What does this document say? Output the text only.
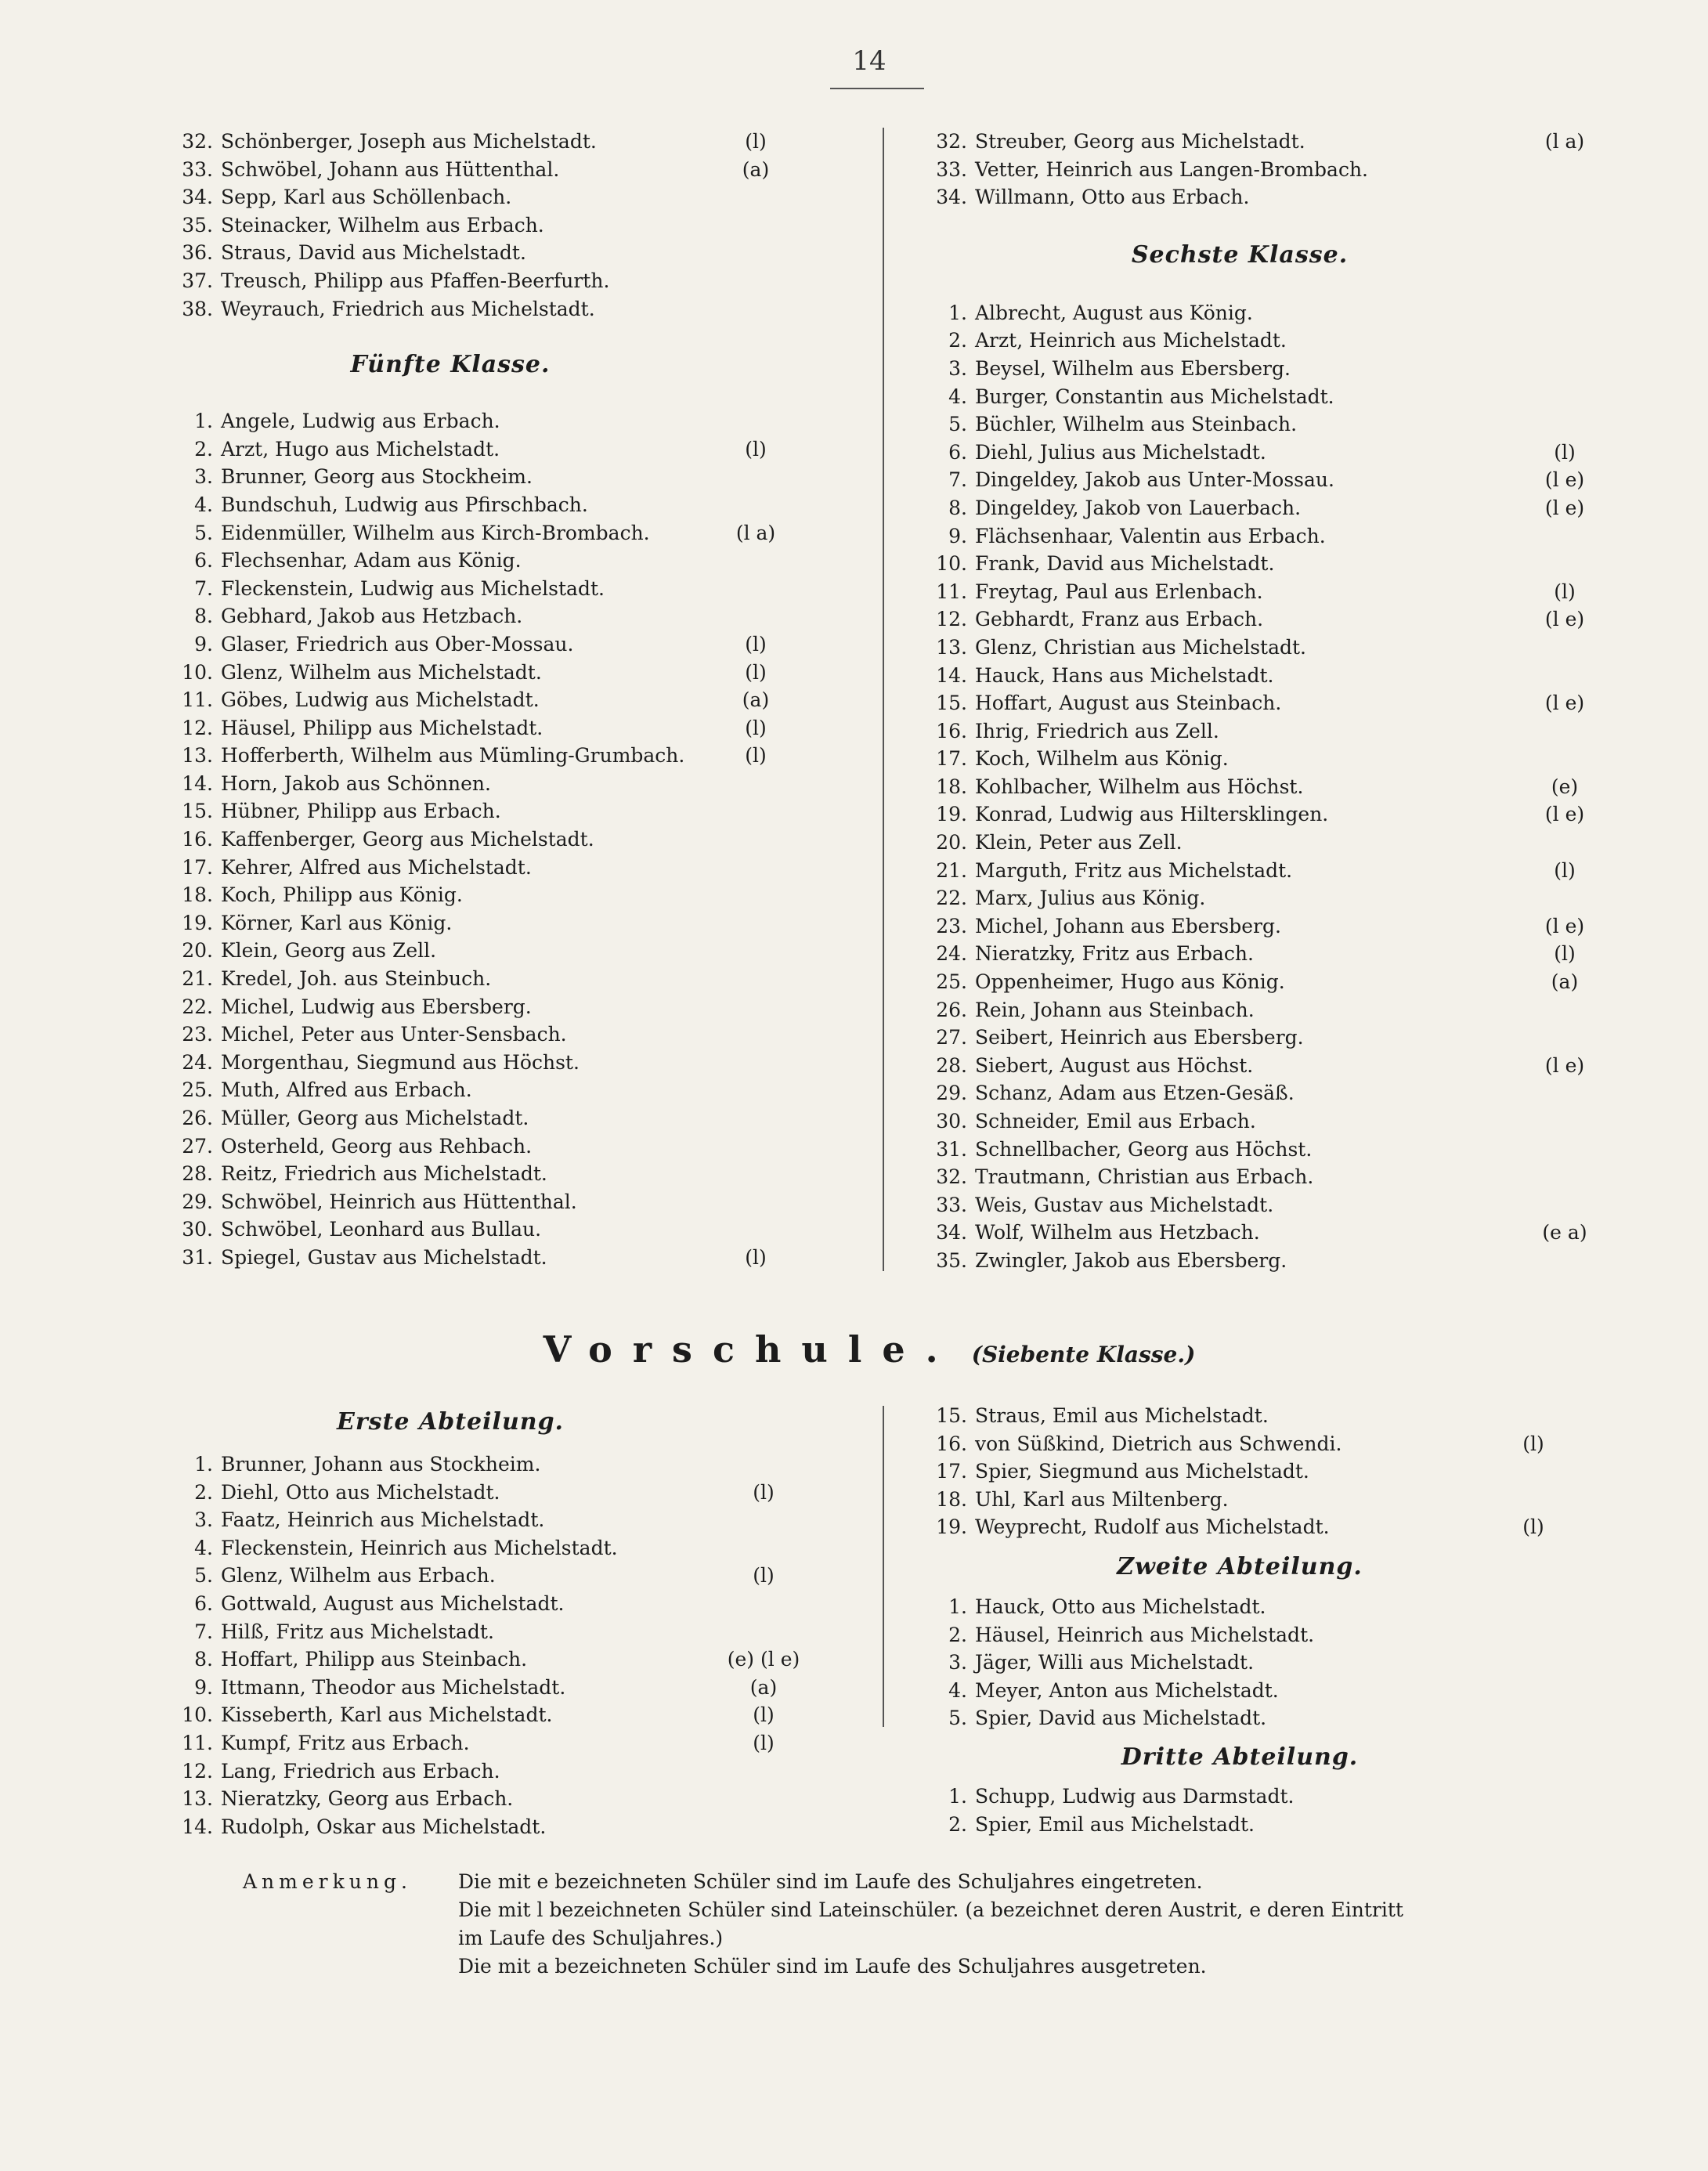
14
32. Schönberger, Joseph aus Michelstadt.	(l)
33. Schwöbel, Johann aus Hüttenthal.	(a)
34. Sepp, Karl aus Schöllenbach.
35. Steinacker, Wilhelm aus Erbach.
36. Straus, David aus Michelstadt.
37. Treusch, Philipp aus Pfaffen-Beerfurth.
38. Weyrauch, Friedrich aus Michelstadt.
Fünfte Klasse.
1. Angele, Ludwig aus Erbach.
2. Arzt, Hugo aus Michelstadt.	(l)
3. Brunner, Georg aus Stockheim.
4. Bundschuh, Ludwig aus Pfirschbach.
5. Eidenmüller, Wilhelm aus Kirch-Brombach.	(l a)
6. Flechsenhar, Adam aus König.
7. Fleckenstein, Ludwig aus Michelstadt.
8. Gebhard, Jakob aus Hetzbach.
9. Glaser, Friedrich aus Ober-Mossau.	(l)
10. Glenz, Wilhelm aus Michelstadt.	(l)
11. Göbes, Ludwig aus Michelstadt.	(a)
12. Häusel, Philipp aus Michelstadt.	(l)
13. Hofferberth, Wilhelm aus Mümling-Grumbach.	(l)
14. Horn, Jakob aus Schönnen.
15. Hübner, Philipp aus Erbach.
16. Kaffenberger, Georg aus Michelstadt.
17. Kehrer, Alfred aus Michelstadt.
18. Koch, Philipp aus König.
19. Körner, Karl aus König.
20. Klein, Georg aus Zell.
21. Kredel, Joh. aus Steinbuch.
22. Michel, Ludwig aus Ebersberg.
23. Michel, Peter aus Unter-Sensbach.
24. Morgenthau, Siegmund aus Höchst.
25. Muth, Alfred aus Erbach.
26. Müller, Georg aus Michelstadt.
27. Osterheld, Georg aus Rehbach.
28. Reitz, Friedrich aus Michelstadt.
29. Schwöbel, Heinrich aus Hüttenthal.
30. Schwöbel, Leonhard aus Bullau.
31. Spiegel, Gustav aus Michelstadt.	(l)
32. Streuber, Georg aus Michelstadt.	(l a)
33. Vetter, Heinrich aus Langen-Brombach.
34. Willmann, Otto aus Erbach.
Sechste Klasse.
1. Albrecht, August aus König.
2. Arzt, Heinrich aus Michelstadt.
3. Beysel, Wilhelm aus Ebersberg.
4. Burger, Constantin aus Michelstadt.
5. Büchler, Wilhelm aus Steinbach.
6. Diehl, Julius aus Michelstadt.	(l)
7. Dingeldey, Jakob aus Unter-Mossau.	(l e)
8. Dingeldey, Jakob von Lauerbach.	(l e)
9. Flächsenhaar, Valentin aus Erbach.
10. Frank, David aus Michelstadt.
11. Freytag, Paul aus Erlenbach.	(l)
12. Gebhardt, Franz aus Erbach.	(l e)
13. Glenz, Christian aus Michelstadt.
14. Hauck, Hans aus Michelstadt.
15. Hoffart, August aus Steinbach.	(l e)
16. Ihrig, Friedrich aus Zell.
17. Koch, Wilhelm aus König.
18. Kohlbacher, Wilhelm aus Höchst.	(e)
19. Konrad, Ludwig aus Hiltersklingen.	(l e)
20. Klein, Peter aus Zell.
21. Marguth, Fritz aus Michelstadt.	(l)
22. Marx, Julius aus König.
23. Michel, Johann aus Ebersberg.	(l e)
24. Nieratzky, Fritz aus Erbach.	(l)
25. Oppenheimer, Hugo aus König.	(a)
26. Rein, Johann aus Steinbach.
27. Seibert, Heinrich aus Ebersberg.
28. Siebert, August aus Höchst.	(l e)
29. Schanz, Adam aus Etzen-Gesäß.
30. Schneider, Emil aus Erbach.
31. Schnellbacher, Georg aus Höchst.
32. Trautmann, Christian aus Erbach.
33. Weis, Gustav aus Michelstadt.
34. Wolf, Wilhelm aus Hetzbach.	(e a)
35. Zwingler, Jakob aus Ebersberg.
Vorschule. (Siebente Klasse.)
Erste Abteilung.
1. Brunner, Johann aus Stockheim.
2. Diehl, Otto aus Michelstadt.	(l)
3. Faatz, Heinrich aus Michelstadt.
4. Fleckenstein, Heinrich aus Michelstadt.
5. Glenz, Wilhelm aus Erbach.	(l)
6. Gottwald, August aus Michelstadt.
7. Hilß, Fritz aus Michelstadt.
8. Hoffart, Philipp aus Steinbach.	(e) (l e)
9. Ittmann, Theodor aus Michelstadt.	(a)
10. Kisseberth, Karl aus Michelstadt.	(l)
11. Kumpf, Fritz aus Erbach.	(l)
12. Lang, Friedrich aus Erbach.
13. Nieratzky, Georg aus Erbach.
14. Rudolph, Oskar aus Michelstadt.
15. Straus, Emil aus Michelstadt.
16. von Süßkind, Dietrich aus Schwendi.	(l)
17. Spier, Siegmund aus Michelstadt.
18. Uhl, Karl aus Miltenberg.
19. Weyprecht, Rudolf aus Michelstadt.	(l)
Zweite Abteilung.
1. Hauck, Otto aus Michelstadt.
2. Häusel, Heinrich aus Michelstadt.
3. Jäger, Willi aus Michelstadt.
4. Meyer, Anton aus Michelstadt.
5. Spier, David aus Michelstadt.
Dritte Abteilung.
1. Schupp, Ludwig aus Darmstadt.
2. Spier, Emil aus Michelstadt.
Anmerkung. Die mit e bezeichneten Schüler sind im Laufe des Schuljahres eingetreten.
Die mit l bezeichneten Schüler sind Lateinschüler. (a bezeichnet deren Austrit, e deren Eintritt
im Laufe des Schuljahres.)
Die mit a bezeichneten Schüler sind im Laufe des Schuljahres ausgetreten.
